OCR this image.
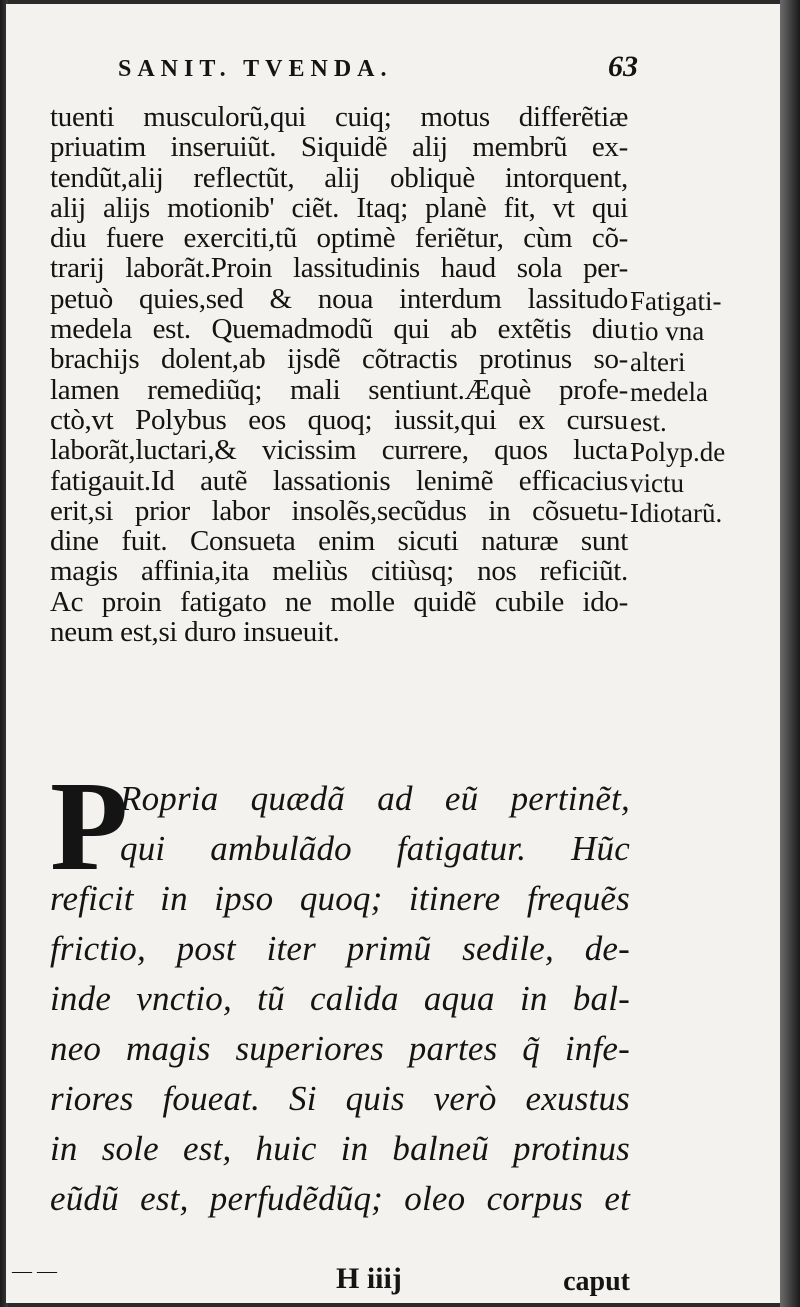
SANIT. TVENDA.	63
tuenti musculorũ,qui cuiq; motus differẽtiæ
priuatim inseruiũt. Siquidẽ alij membrũ ex-
tendũt,alij reflectũt, alij obliquè intorquent,
alij alijs motionib' ciẽt. Itaq; planè fit, vt qui
diu fuere exerciti,tũ optimè feriẽtur, cùm cõ-
trarij laborãt.Proin lassitudinis haud sola per-
petuò quies,sed & noua interdum lassitudo
medela est. Quemadmodũ qui ab extẽtis diu
brachijs dolent,ab ijsdẽ cõtractis protinus so-
lamen remediũq; mali sentiunt.Æquè profe-
ctò,vt Polybus eos quoq; iussit,qui ex cursu
laborãt,luctari,& vicissim currere, quos lucta
fatigauit.Id autẽ lassationis lenimẽ efficacius
erit,si prior labor insolẽs,secũdus in cõsuetu-
dine fuit. Consueta enim sicuti naturæ sunt
magis affinia,ita meliùs citiùsq; nos reficiũt.
Ac proin fatigato ne molle quidẽ cubile ido-
neum est,si duro insueuit.
Fatigati-
tio vna
alteri
medela
est.
Polyp.de
victu
Idiotarũ.
P
Ropria quædã ad eũ pertinẽt,
qui ambulãdo fatigatur. Hũc
reficit in ipso quoq; itinere frequẽs
frictio, post iter primũ sedile, de-
inde vnctio, tũ calida aqua in bal-
neo magis superiores partes q̃ infe-
riores foueat. Si quis verò exustus
in sole est, huic in balneũ protinus
eũdũ est, perfudẽdũq; oleo corpus et
— —	H iiij	caput
